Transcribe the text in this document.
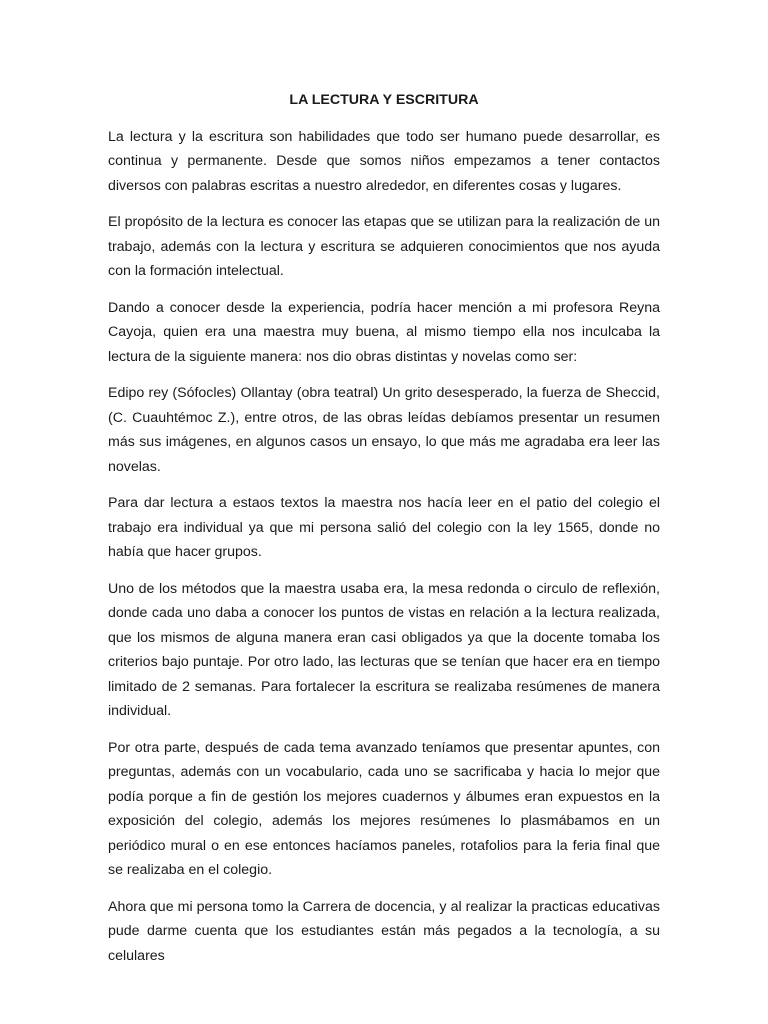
LA LECTURA Y ESCRITURA

La lectura y la escritura son habilidades que todo ser humano puede desarrollar, es continua y permanente. Desde que somos niños empezamos a tener contactos diversos con palabras escritas a nuestro alrededor, en diferentes cosas y lugares.

El propósito de la lectura es conocer las etapas que se utilizan para la realización de un trabajo, además con la lectura y escritura se adquieren conocimientos que nos ayuda con la formación intelectual.

Dando a conocer desde la experiencia, podría hacer mención a mi profesora Reyna Cayoja, quien era una maestra muy buena, al mismo tiempo ella nos inculcaba la lectura de la siguiente manera: nos dio obras distintas y novelas como ser:

Edipo rey (Sófocles) Ollantay (obra teatral) Un grito desesperado, la fuerza de Sheccid, (C. Cuauhtémoc Z.), entre otros, de las obras leídas debíamos presentar un resumen más sus imágenes, en algunos casos un ensayo, lo que más me agradaba era leer las novelas.

Para dar lectura a estaos textos la maestra nos hacía leer en el patio del colegio el trabajo era individual ya que mi persona salió del colegio con la ley 1565, donde no había que hacer grupos.

Uno de los métodos que la maestra usaba era, la mesa redonda o circulo de reflexión, donde cada uno daba a conocer los puntos de vistas en relación a la lectura realizada, que los mismos de alguna manera eran casi obligados ya que la docente tomaba los criterios bajo puntaje. Por otro lado, las lecturas que se tenían que hacer era en tiempo limitado de 2 semanas. Para fortalecer la escritura se realizaba resúmenes de manera individual.

Por otra parte, después de cada tema avanzado teníamos que presentar apuntes, con preguntas, además con un vocabulario, cada uno se sacrificaba y hacia lo mejor que podía porque a fin de gestión los mejores cuadernos y álbumes eran expuestos en la exposición del colegio, además los mejores resúmenes lo plasmábamos en un periódico mural o en ese entonces hacíamos paneles, rotafolios para la feria final que se realizaba en el colegio.

Ahora que mi persona tomo la Carrera de docencia, y al realizar la practicas educativas pude darme cuenta que los estudiantes están más pegados a la tecnología, a su celulares
